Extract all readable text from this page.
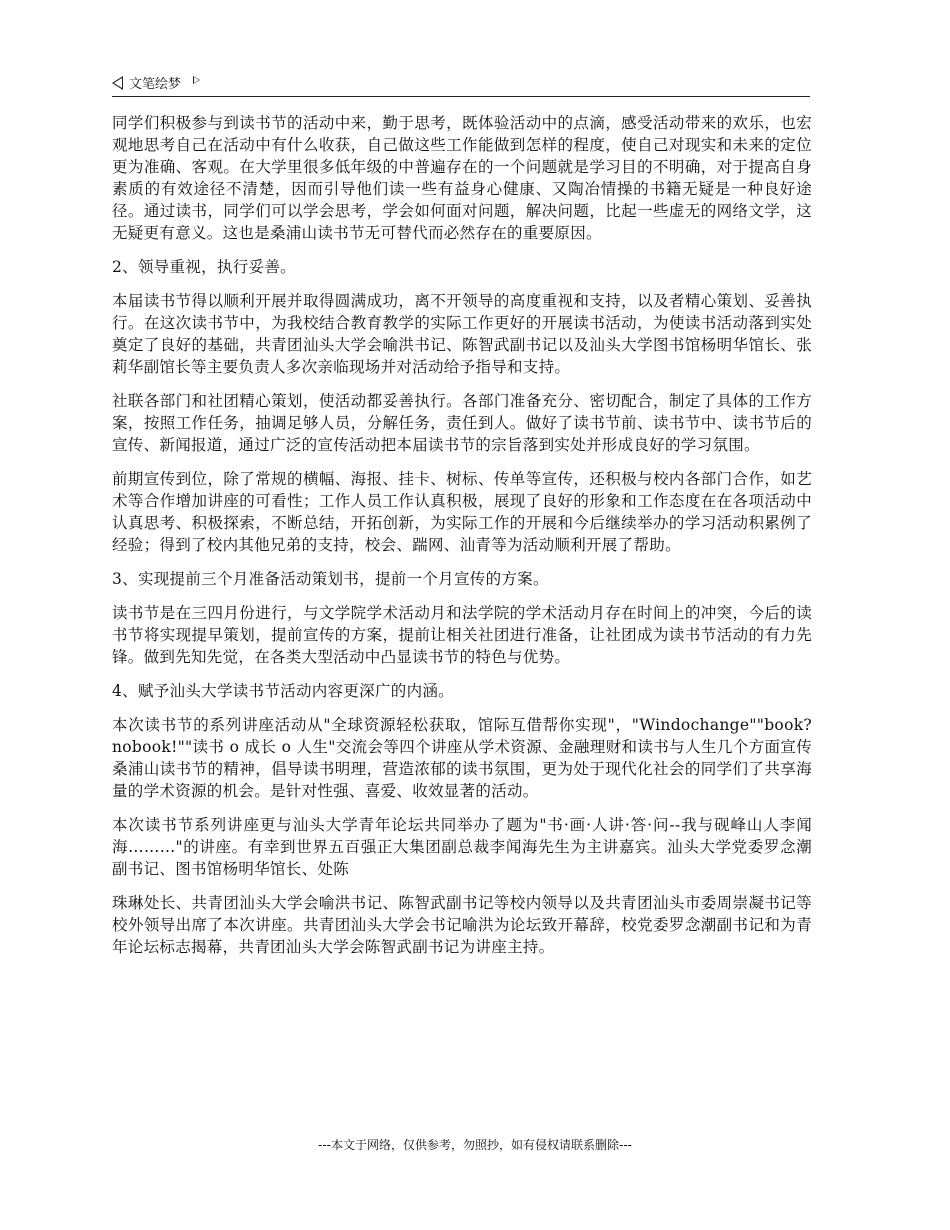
文笔绘梦

同学们积极参与到读书节的活动中来，勤于思考，既体验活动中的点滴，感受活动带来的欢乐，也宏观地思考自己在活动中有什么收获，自己做这些工作能做到怎样的程度，使自己对现实和未来的定位更为准确、客观。在大学里很多低年级的中普遍存在的一个问题就是学习目的不明确，对于提高自身素质的有效途径不清楚，因而引导他们读一些有益身心健康、又陶冶情操的书籍无疑是一种良好途径。通过读书，同学们可以学会思考，学会如何面对问题，解决问题，比起一些虚无的网络文学，这无疑更有意义。这也是桑浦山读书节无可替代而必然存在的重要原因。

2、领导重视，执行妥善。

本届读书节得以顺利开展并取得圆满成功，离不开领导的高度重视和支持，以及者精心策划、妥善执行。在这次读书节中，为我校结合教育教学的实际工作更好的开展读书活动，为使读书活动落到实处奠定了良好的基础，共青团汕头大学会喻洪书记、陈智武副书记以及汕头大学图书馆杨明华馆长、张莉华副馆长等主要负责人多次亲临现场并对活动给予指导和支持。

社联各部门和社团精心策划，使活动都妥善执行。各部门准备充分、密切配合，制定了具体的工作方案，按照工作任务，抽调足够人员，分解任务，责任到人。做好了读书节前、读书节中、读书节后的宣传、新闻报道，通过广泛的宣传活动把本届读书节的宗旨落到实处并形成良好的学习氛围。

前期宣传到位，除了常规的横幅、海报、挂卡、树标、传单等宣传，还积极与校内各部门合作，如艺术等合作增加讲座的可看性；工作人员工作认真积极，展现了良好的形象和工作态度在在各项活动中认真思考、积极探索，不断总结，开拓创新，为实际工作的开展和今后继续举办的学习活动积累例了经验；得到了校内其他兄弟的支持，校会、踹网、汕青等为活动顺利开展了帮助。

3、实现提前三个月准备活动策划书，提前一个月宣传的方案。

读书节是在三四月份进行，与文学院学术活动月和法学院的学术活动月存在时间上的冲突，今后的读书节将实现提早策划，提前宣传的方案，提前让相关社团进行准备，让社团成为读书节活动的有力先锋。做到先知先觉，在各类大型活动中凸显读书节的特色与优势。

4、赋予汕头大学读书节活动内容更深广的内涵。

本次读书节的系列讲座活动从"全球资源轻松获取，馆际互借帮你实现"，"Windochange""book?nobook!""读书 o 成长 o 人生"交流会等四个讲座从学术资源、金融理财和读书与人生几个方面宣传桑浦山读书节的精神，倡导读书明理，营造浓郁的读书氛围，更为处于现代化社会的同学们了共享海量的学术资源的机会。是针对性强、喜爱、收效显著的活动。

本次读书节系列讲座更与汕头大学青年论坛共同举办了题为"书·画·人讲·答·问--我与砚峰山人李闻海………"的讲座。有幸到世界五百强正大集团副总裁李闻海先生为主讲嘉宾。汕头大学党委罗念潮副书记、图书馆杨明华馆长、处陈

珠琳处长、共青团汕头大学会喻洪书记、陈智武副书记等校内领导以及共青团汕头市委周崇凝书记等校外领导出席了本次讲座。共青团汕头大学会书记喻洪为论坛致开幕辞，校党委罗念潮副书记和为青年论坛标志揭幕，共青团汕头大学会陈智武副书记为讲座主持。

---本文于网络，仅供参考，勿照抄，如有侵权请联系删除---
